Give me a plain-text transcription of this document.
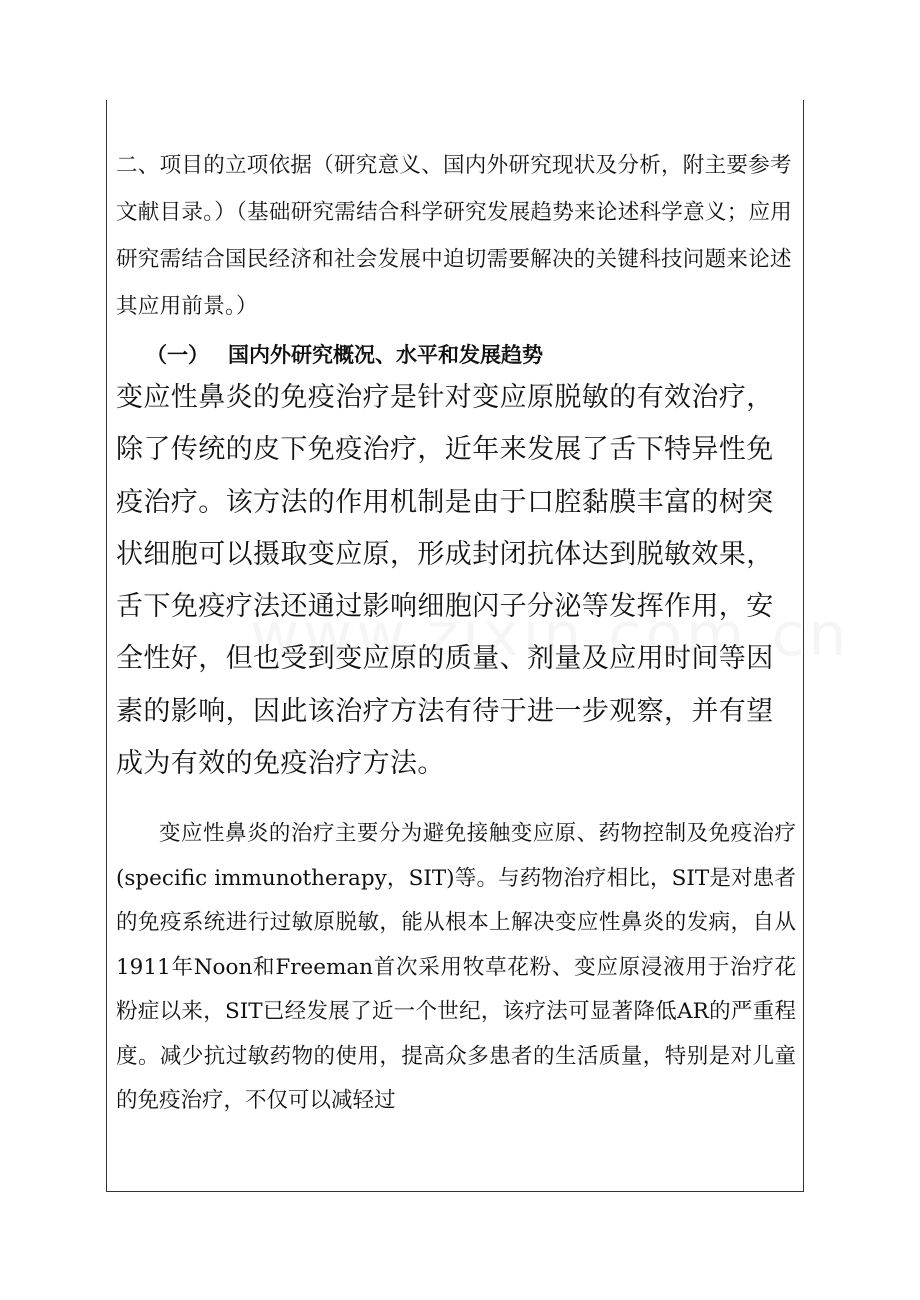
二、项目的立项依据（研究意义、国内外研究现状及分析，附主要参考文献目录。）（基础研究需结合科学研究发展趋势来论述科学意义；应用研究需结合国民经济和社会发展中迫切需要解决的关键科技问题来论述其应用前景。）

（一） 国内外研究概况、水平和发展趋势

变应性鼻炎的免疫治疗是针对变应原脱敏的有效治疗，除了传统的皮下免疫治疗，近年来发展了舌下特异性免疫治疗。该方法的作用机制是由于口腔黏膜丰富的树突状细胞可以摄取变应原，形成封闭抗体达到脱敏效果，舌下免疫疗法还通过影响细胞闪子分泌等发挥作用，安全性好，但也受到变应原的质量、剂量及应用时间等因素的影响，因此该治疗方法有待于进一步观察，并有望成为有效的免疫治疗方法。

变应性鼻炎的治疗主要分为避免接触变应原、药物控制及免疫治疗(specific immunotherapy，SIT)等。与药物治疗相比，SIT是对患者的免疫系统进行过敏原脱敏，能从根本上解决变应性鼻炎的发病，自从1911年Noon和Freeman首次采用牧草花粉、变应原浸液用于治疗花粉症以来，SIT已经发展了近一个世纪，该疗法可显著降低AR的严重程度。减少抗过敏药物的使用，提高众多患者的生活质量，特别是对儿童的免疫治疗，不仅可以减轻过
